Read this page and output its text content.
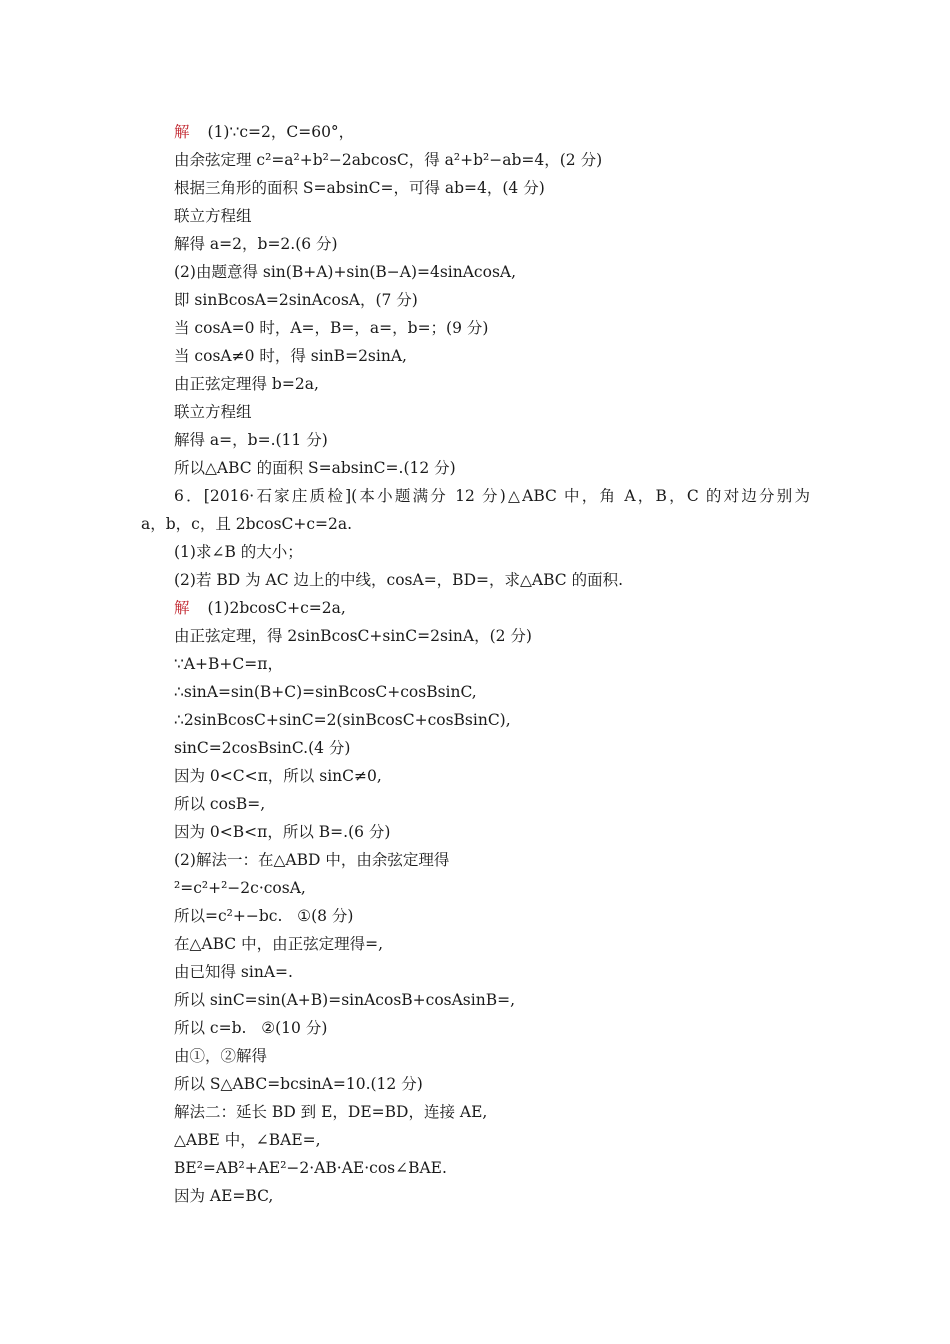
解 (1)∵c=2，C=60°，
由余弦定理 c²=a²+b²−2abcosC，得 a²+b²−ab=4，(2 分)
根据三角形的面积 S=absinC=，可得 ab=4，(4 分)
联立方程组
解得 a=2，b=2.(6 分)
(2)由题意得 sin(B+A)+sin(B−A)=4sinAcosA,
即 sinBcosA=2sinAcosA，(7 分)
当 cosA=0 时，A=，B=，a=，b=；(9 分)
当 cosA≠0 时，得 sinB=2sinA,
由正弦定理得 b=2a,
联立方程组
解得 a=，b=.(11 分)
所以△ABC 的面积 S=absinC=.(12 分)
6．[2016·石家庄质检](本小题满分 12 分)△ABC 中，角 A，B，C 的对边分别为
a，b，c，且 2bcosC+c=2a.
(1)求∠B 的大小；
(2)若 BD 为 AC 边上的中线，cosA=，BD=，求△ABC 的面积.
解 (1)2bcosC+c=2a,
由正弦定理，得 2sinBcosC+sinC=2sinA，(2 分)
∵A+B+C=π，
∴sinA=sin(B+C)=sinBcosC+cosBsinC,
∴2sinBcosC+sinC=2(sinBcosC+cosBsinC),
sinC=2cosBsinC.(4 分)
因为 0<C<π，所以 sinC≠0,
所以 cosB=,
因为 0<B<π，所以 B=.(6 分)
(2)解法一：在△ABD 中，由余弦定理得
²=c²+²−2c·cosA,
所以=c²+−bc.   ①(8 分)
在△ABC 中，由正弦定理得=,
由已知得 sinA=.
所以 sinC=sin(A+B)=sinAcosB+cosAsinB=,
所以 c=b.   ②(10 分)
由①，②解得
所以 S△ABC=bcsinA=10.(12 分)
解法二：延长 BD 到 E，DE=BD，连接 AE,
△ABE 中，∠BAE=,
BE²=AB²+AE²−2·AB·AE·cos∠BAE.
因为 AE=BC,
